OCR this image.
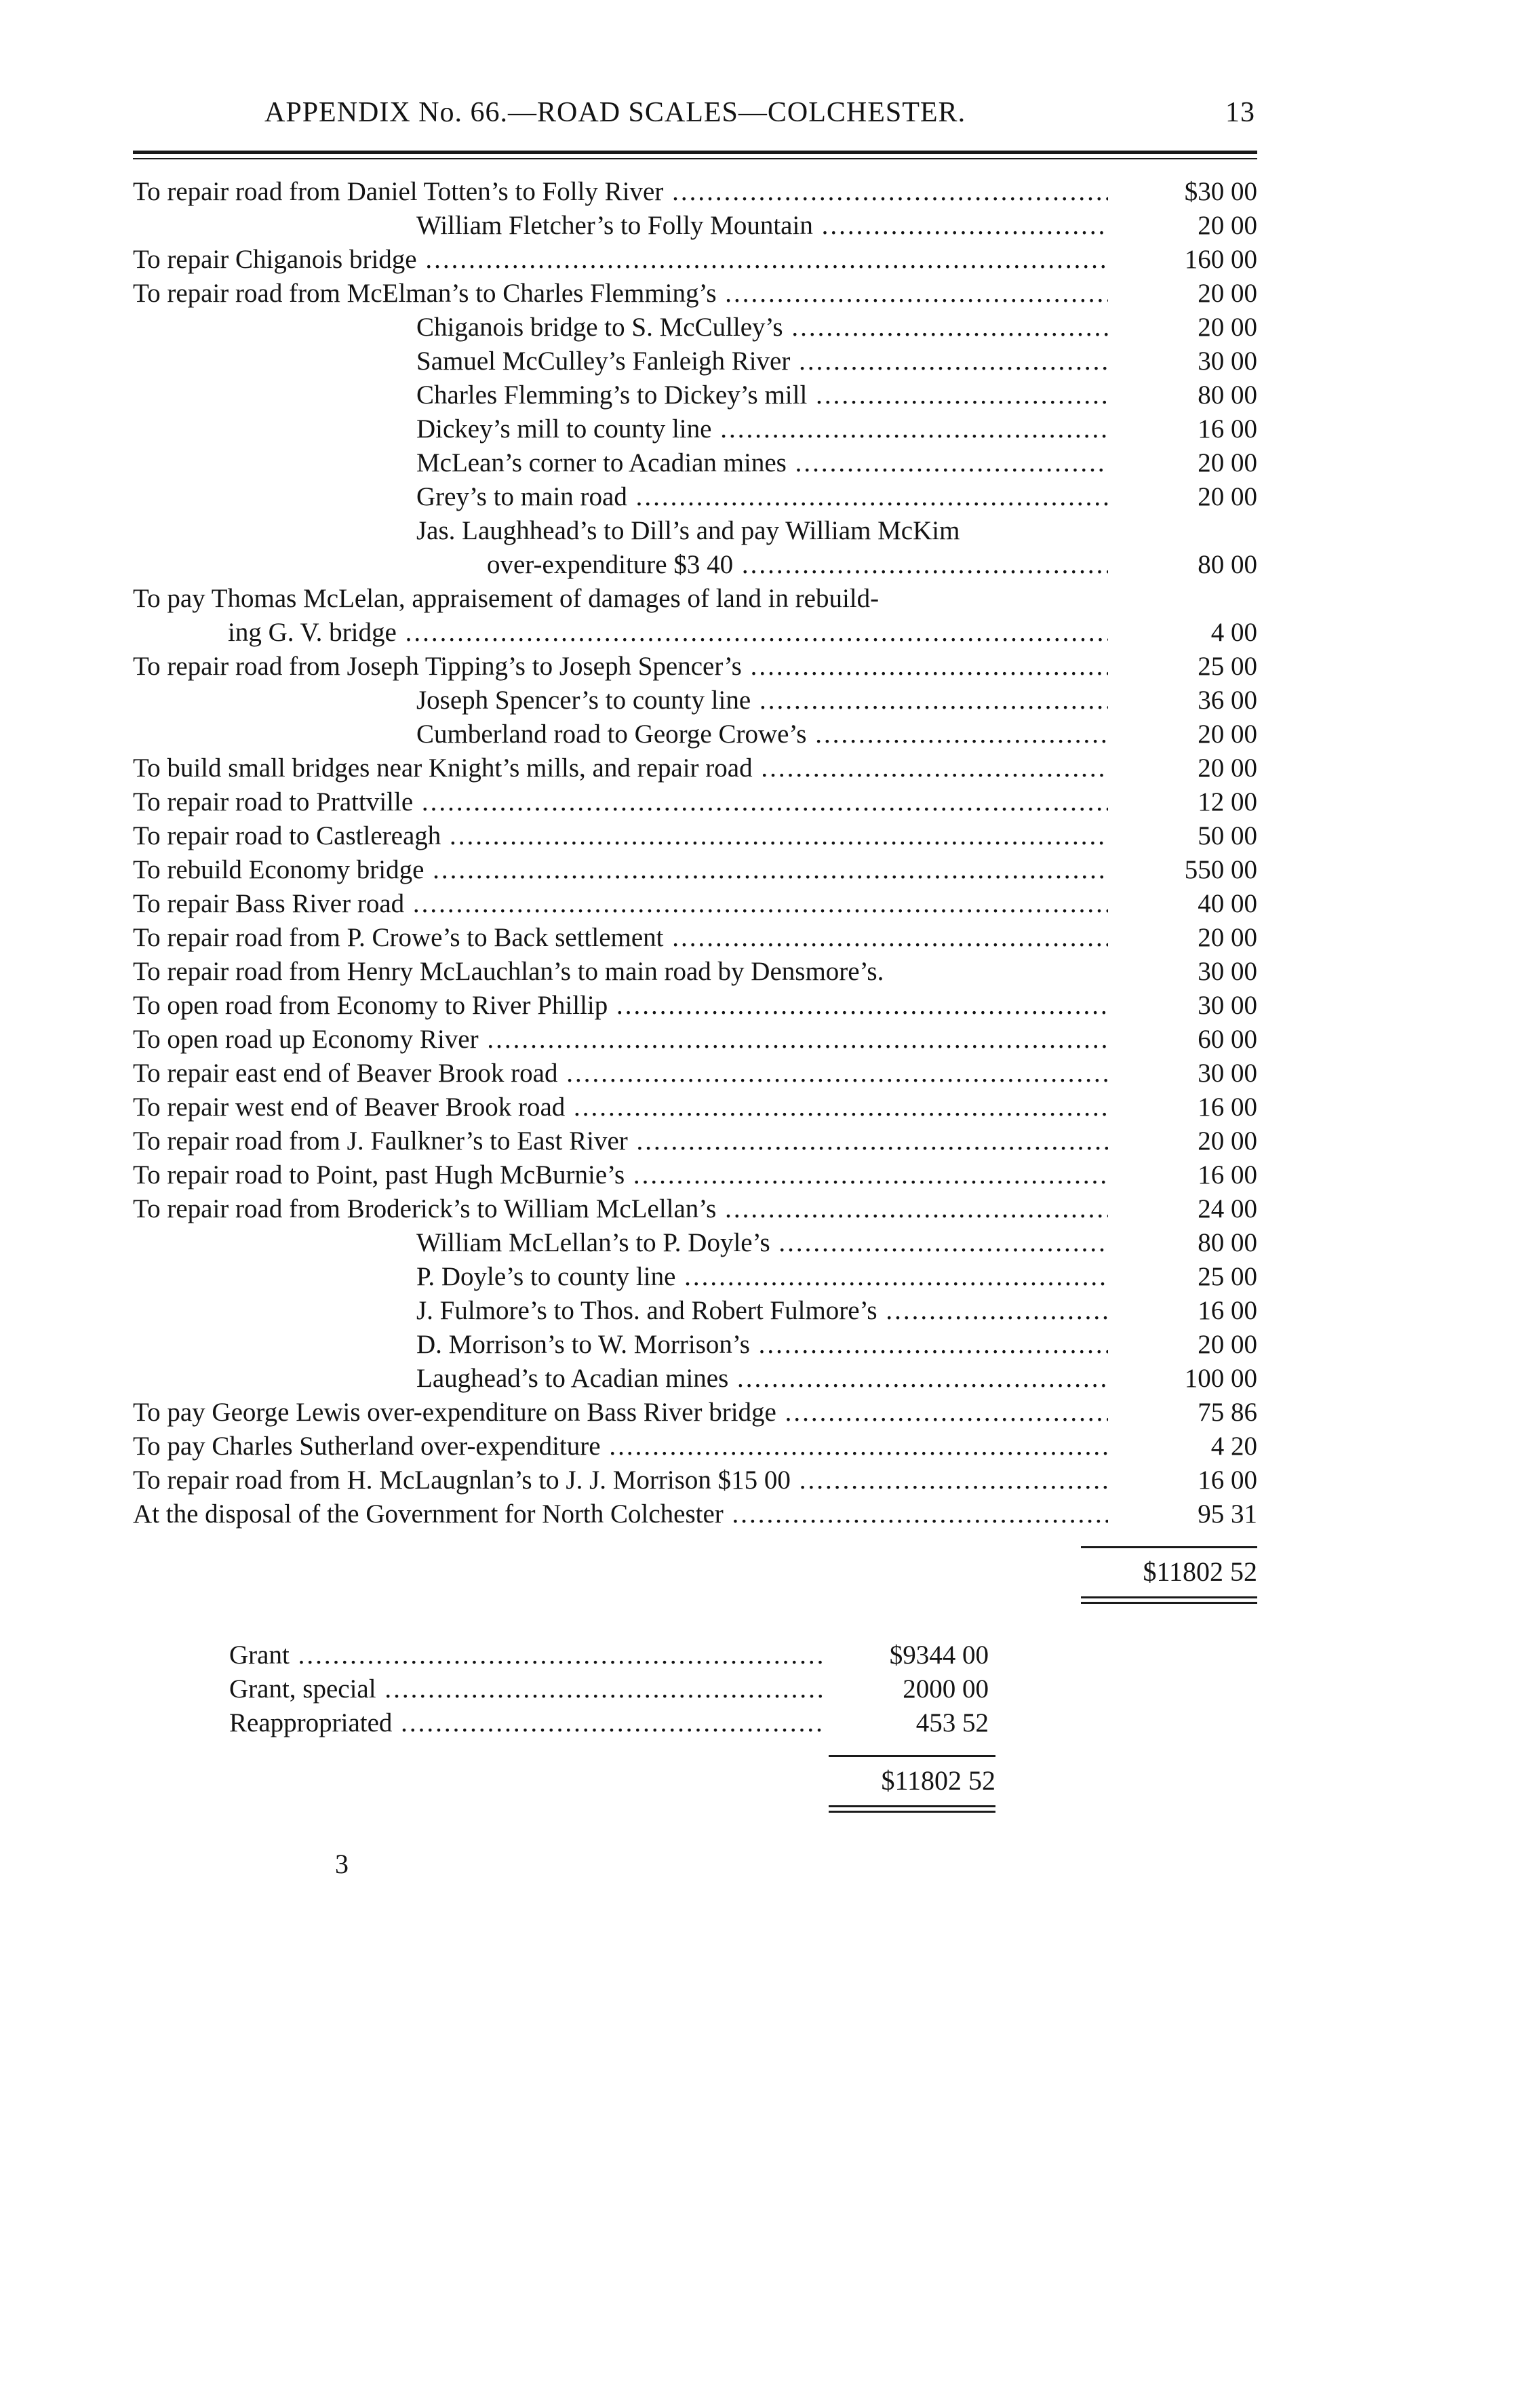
APPENDIX No. 66.—ROAD SCALES—COLCHESTER.	13
To repair road from Daniel Totten’s to Folly River .....	$30 00
William Fletcher’s to Folly Mountain .....	20 00
To repair Chiganois bridge .....	160 00
To repair road from McElman’s to Charles Flemming’s .....	20 00
Chiganois bridge to S. McCulley’s .....	20 00
Samuel McCulley’s Fanleigh River .....	30 00
Charles Flemming’s to Dickey’s mill .....	80 00
Dickey’s mill to county line .....	16 00
McLean’s corner to Acadian mines .....	20 00
Grey’s to main road .....	20 00
Jas. Laughhead’s to Dill’s and pay William McKim
over-expenditure $3 40 .....	80 00
To pay Thomas McLelan, appraisement of damages of land in rebuild-
ing G. V. bridge .....	4 00
To repair road from Joseph Tipping’s to Joseph Spencer’s .....	25 00
Joseph Spencer’s to county line .....	36 00
Cumberland road to George Crowe’s .....	20 00
To build small bridges near Knight’s mills, and repair road .....	20 00
To repair road to Prattville .....	12 00
To repair road to Castlereagh .....	50 00
To rebuild Economy bridge .....	550 00
To repair Bass River road .....	40 00
To repair road from P. Crowe’s to Back settlement .....	20 00
To repair road from Henry McLauchlan’s to main road by Densmore’s.	30 00
To open road from Economy to River Phillip .....	30 00
To open road up Economy River .....	60 00
To repair east end of Beaver Brook road .....	30 00
To repair west end of Beaver Brook road .....	16 00
To repair road from J. Faulkner’s to East River .....	20 00
To repair road to Point, past Hugh McBurnie’s .....	16 00
To repair road from Broderick’s to William McLellan’s .....	24 00
William McLellan’s to P. Doyle’s .....	80 00
P. Doyle’s to county line .....	25 00
J. Fulmore’s to Thos. and Robert Fulmore’s .....	16 00
D. Morrison’s to W. Morrison’s .....	20 00
Laughead’s to Acadian mines .....	100 00
To pay George Lewis over-expenditure on Bass River bridge .....	75 86
To pay Charles Sutherland over-expenditure .....	4 20
To repair road from H. McLaugnlan’s to J. J. Morrison $15 00 .....	16 00
At the disposal of the Government for North Colchester .....	95 31
$11802 52
Grant .....	$9344 00
Grant, special .....	2000 00
Reappropriated .....	453 52
$11802 52
3
